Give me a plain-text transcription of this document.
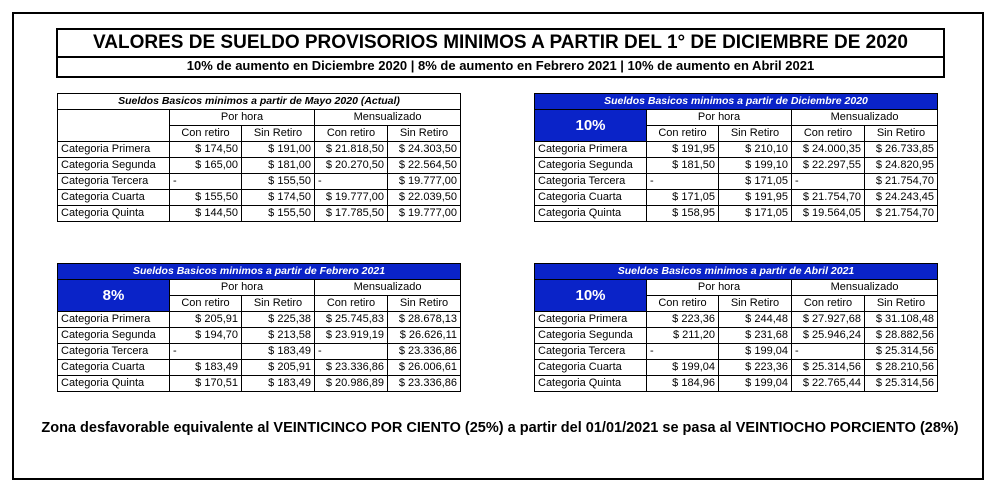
VALORES DE SUELDO PROVISORIOS MINIMOS A PARTIR DEL 1° DE DICIEMBRE DE 2020
10% de aumento en Diciembre 2020 | 8% de aumento en Febrero 2021 | 10% de aumento en Abril 2021
Sueldos Basicos minimos a partir de Mayo 2020 (Actual)				
	Por hora		Mensualizado	
	Con retiro	Sin Retiro	Con retiro	Sin Retiro
Categoria Primera	$ 174,50	$ 191,00	$ 21.818,50	$ 24.303,50
Categoria Segunda	$ 165,00	$ 181,00	$ 20.270,50	$ 22.564,50
Categoria Tercera	-	$ 155,50	-	$ 19.777,00
Categoria Cuarta	$ 155,50	$ 174,50	$ 19.777,00	$ 22.039,50
Categoria Quinta	$ 144,50	$ 155,50	$ 17.785,50	$ 19.777,00
Sueldos Basicos minimos a partir de Diciembre 2020				
10%	Por hora		Mensualizado	
	Con retiro	Sin Retiro	Con retiro	Sin Retiro
Categoria Primera	$ 191,95	$ 210,10	$ 24.000,35	$ 26.733,85
Categoria Segunda	$ 181,50	$ 199,10	$ 22.297,55	$ 24.820,95
Categoria Tercera	-	$ 171,05	-	$ 21.754,70
Categoria Cuarta	$ 171,05	$ 191,95	$ 21.754,70	$ 24.243,45
Categoria Quinta	$ 158,95	$ 171,05	$ 19.564,05	$ 21.754,70
Sueldos Basicos minimos a partir de Febrero 2021				
8%	Por hora		Mensualizado	
	Con retiro	Sin Retiro	Con retiro	Sin Retiro
Categoria Primera	$ 205,91	$ 225,38	$ 25.745,83	$ 28.678,13
Categoria Segunda	$ 194,70	$ 213,58	$ 23.919,19	$ 26.626,11
Categoria Tercera	-	$ 183,49	-	$ 23.336,86
Categoria Cuarta	$ 183,49	$ 205,91	$ 23.336,86	$ 26.006,61
Categoria Quinta	$ 170,51	$ 183,49	$ 20.986,89	$ 23.336,86
Sueldos Basicos minimos a partir de Abril 2021				
10%	Por hora		Mensualizado	
	Con retiro	Sin Retiro	Con retiro	Sin Retiro
Categoria Primera	$ 223,36	$ 244,48	$ 27.927,68	$ 31.108,48
Categoria Segunda	$ 211,20	$ 231,68	$ 25.946,24	$ 28.882,56
Categoria Tercera	-	$ 199,04	-	$ 25.314,56
Categoria Cuarta	$ 199,04	$ 223,36	$ 25.314,56	$ 28.210,56
Categoria Quinta	$ 184,96	$ 199,04	$ 22.765,44	$ 25.314,56
Zona desfavorable equivalente al VEINTICINCO POR CIENTO (25%) a partir del 01/01/2021 se pasa al VEINTIOCHO PORCIENTO (28%)
